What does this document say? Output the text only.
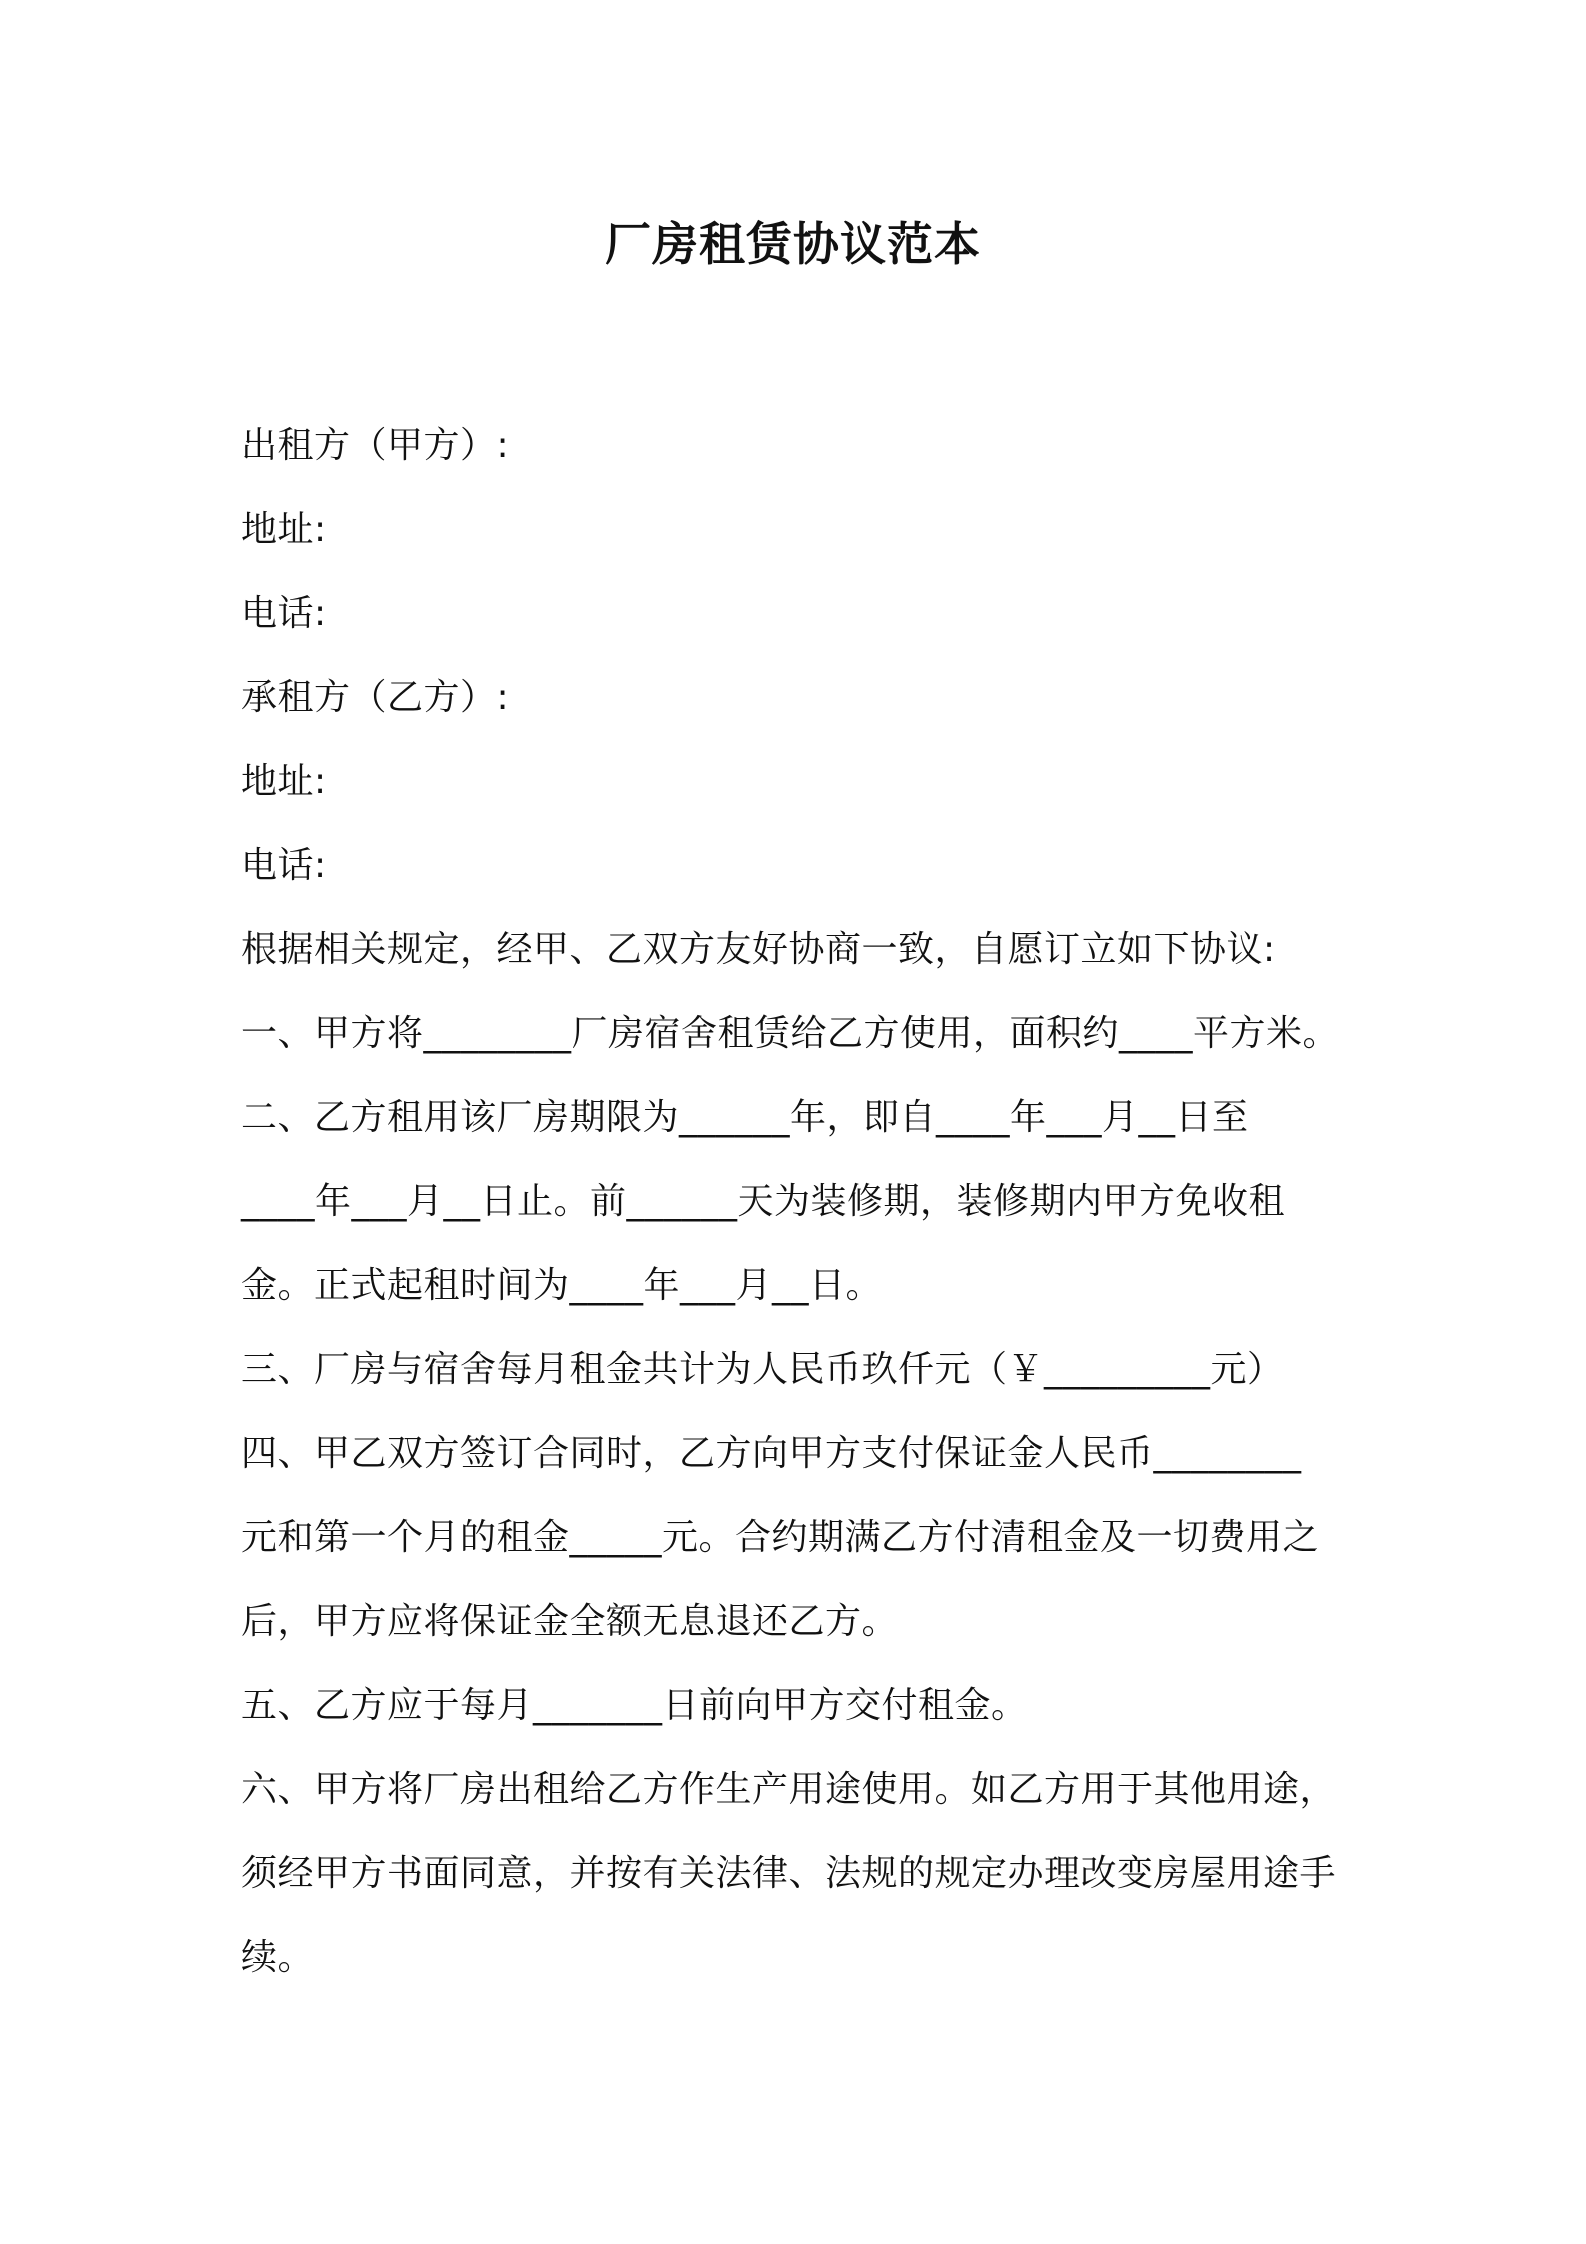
厂房租赁协议范本
出租方（甲方）:
地址:
电话:
承租方（乙方）:
地址:
电话:
根据相关规定，经甲、乙双方友好协商一致，自愿订立如下协议:
一、甲方将________厂房宿舍租赁给乙方使用，面积约____平方米。
二、乙方租用该厂房期限为______年，即自____年___月__日至
____年___月__日止。前______天为装修期，装修期内甲方免收租
金。正式起租时间为____年___月__日。
三、厂房与宿舍每月租金共计为人民币玖仟元（￥_________元）
四、甲乙双方签订合同时，乙方向甲方支付保证金人民币________
元和第一个月的租金_____元。合约期满乙方付清租金及一切费用之
后，甲方应将保证金全额无息退还乙方。
五、乙方应于每月_______日前向甲方交付租金。
六、甲方将厂房出租给乙方作生产用途使用。如乙方用于其他用途，
须经甲方书面同意，并按有关法律、法规的规定办理改变房屋用途手
续。
